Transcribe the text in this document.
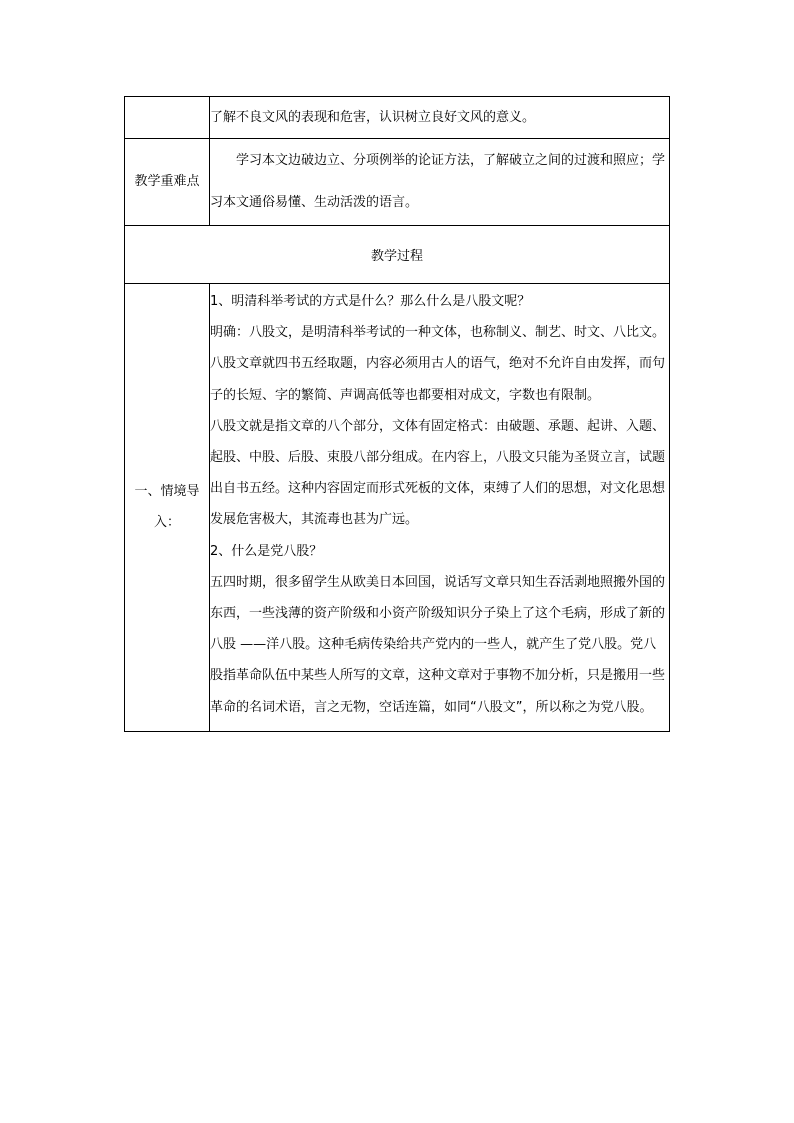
	了解不良文风的表现和危害，认识树立良好文风的意义。

教学重难点	学习本文边破边立、分项例举的论证方法，了解破立之间的过渡和照应；学习本文通俗易懂、生动活泼的语言。

教学过程	

一、情境导入：	1、明清科举考试的方式是什么？那么什么是八股文呢？

明确：八股文，是明清科举考试的一种文体，也称制义、制艺、时文、八比文。八股文章就四书五经取题，内容必须用古人的语气，绝对不允许自由发挥，而句子的长短、字的繁简、声调高低等也都要相对成文，字数也有限制。

八股文就是指文章的八个部分，文体有固定格式：由破题、承题、起讲、入题、起股、中股、后股、束股八部分组成。在内容上，八股文只能为圣贤立言，试题出自书五经。这种内容固定而形式死板的文体，束缚了人们的思想，对文化思想发展危害极大，其流毒也甚为广远。

2、什么是党八股？

五四时期，很多留学生从欧美日本回国，说话写文章只知生吞活剥地照搬外国的东西，一些浅薄的资产阶级和小资产阶级知识分子染上了这个毛病，形成了新的八股 ——洋八股。这种毛病传染给共产党内的一些人，就产生了党八股。党八股指革命队伍中某些人所写的文章，这种文章对于事物不加分析，只是搬用一些革命的名词术语，言之无物，空话连篇，如同“八股文”，所以称之为党八股。
